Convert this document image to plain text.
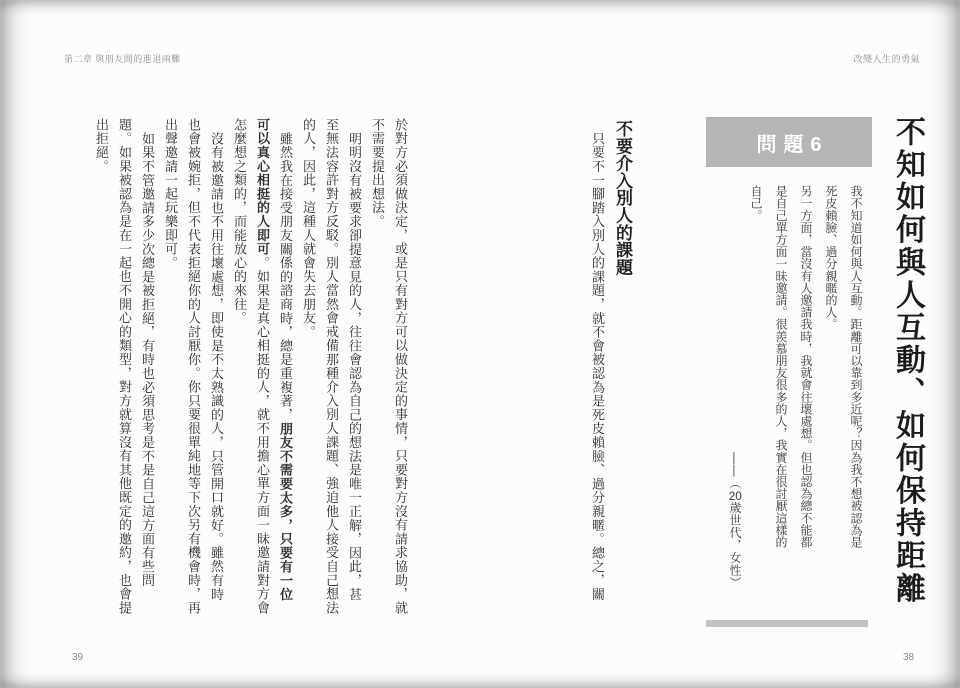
第二章 與朋友間的進退兩難	改變人生的勇氣
不知如何與人互動、如何保持距離
問題6
我不知道如何與人互動。距離可以靠到多近呢？因為我不想被認為是
死皮賴臉、過分親暱的人。
另一方面，當沒有人邀請我時，我就會往壞處想。但也認為總不能都
是自己單方面一昧邀請。很羨慕朋友很多的人，我實在很討厭這樣的
自己。
——（20歲世代，女性）
不要介入別人的課題
只要不一腳踏入別人的課題，就不會被認為是死皮賴臉、過分親暱。總之，關
於對方必須做決定，或是只有對方可以做決定的事情，只要對方沒有請求協助，就
不需要提出想法。
明明沒有被要求卻提意見的人，往往會認為自己的想法是唯一正解，因此，甚
至無法容許對方反駁。別人當然會戒備那種介入別人課題、強迫他人接受自己想法
的人，因此，這種人就會失去朋友。
雖然我在接受朋友關係的諮商時，總是重複著，朋友不需要太多，只要有一位
可以真心相挺的人即可。如果是真心相挺的人，就不用擔心單方面一昧邀請對方會
怎麼想之類的，而能放心的來往。
沒有被邀請也不用往壞處想，即使是不太熟識的人，只管開口就好。雖然有時
也會被婉拒，但不代表拒絕你的人討厭你。你只要很單純地等下次另有機會時，再
出聲邀請一起玩樂即可。
如果不管邀請多少次總是被拒絕，有時也必須思考是不是自己這方面有些問
題。如果被認為是在一起也不開心的類型，對方就算沒有其他既定的邀約，也會提
出拒絕。
39	38
